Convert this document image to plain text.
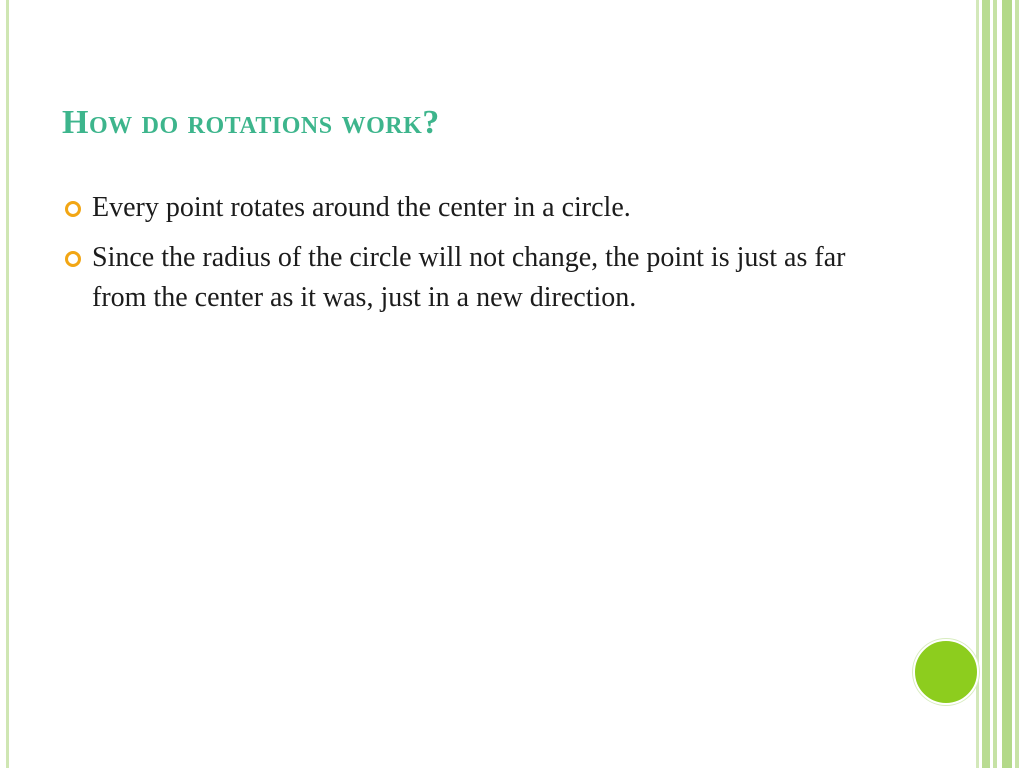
How do rotations work?
Every point rotates around the center in a circle.
Since the radius of the circle will not change, the point is just as far from the center as it was, just in a new direction.
